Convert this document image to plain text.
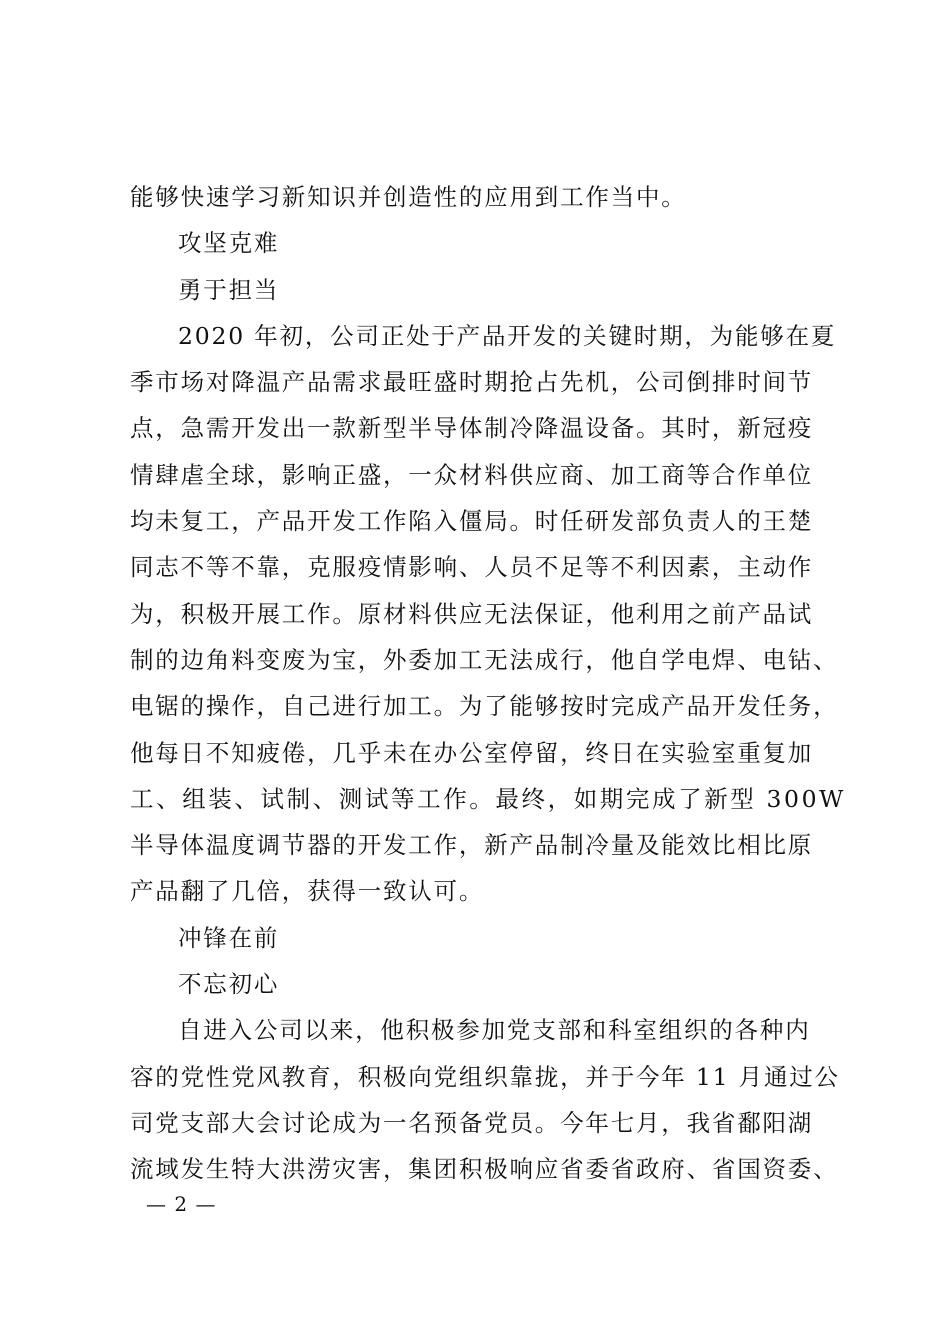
能够快速学习新知识并创造性的应用到工作当中。
攻坚克难
勇于担当
2020 年初，公司正处于产品开发的关键时期，为能够在夏
季市场对降温产品需求最旺盛时期抢占先机，公司倒排时间节
点，急需开发出一款新型半导体制冷降温设备。其时，新冠疫
情肆虐全球，影响正盛，一众材料供应商、加工商等合作单位
均未复工，产品开发工作陷入僵局。时任研发部负责人的王楚
同志不等不靠，克服疫情影响、人员不足等不利因素，主动作
为，积极开展工作。原材料供应无法保证，他利用之前产品试
制的边角料变废为宝，外委加工无法成行，他自学电焊、电钻、
电锯的操作，自己进行加工。为了能够按时完成产品开发任务，
他每日不知疲倦，几乎未在办公室停留，终日在实验室重复加
工、组装、试制、测试等工作。最终，如期完成了新型 300W
半导体温度调节器的开发工作，新产品制冷量及能效比相比原
产品翻了几倍，获得一致认可。
冲锋在前
不忘初心
自进入公司以来，他积极参加党支部和科室组织的各种内
容的党性党风教育，积极向党组织靠拢，并于今年 11 月通过公
司党支部大会讨论成为一名预备党员。今年七月，我省鄱阳湖
流域发生特大洪涝灾害，集团积极响应省委省政府、省国资委、
— 2 —
